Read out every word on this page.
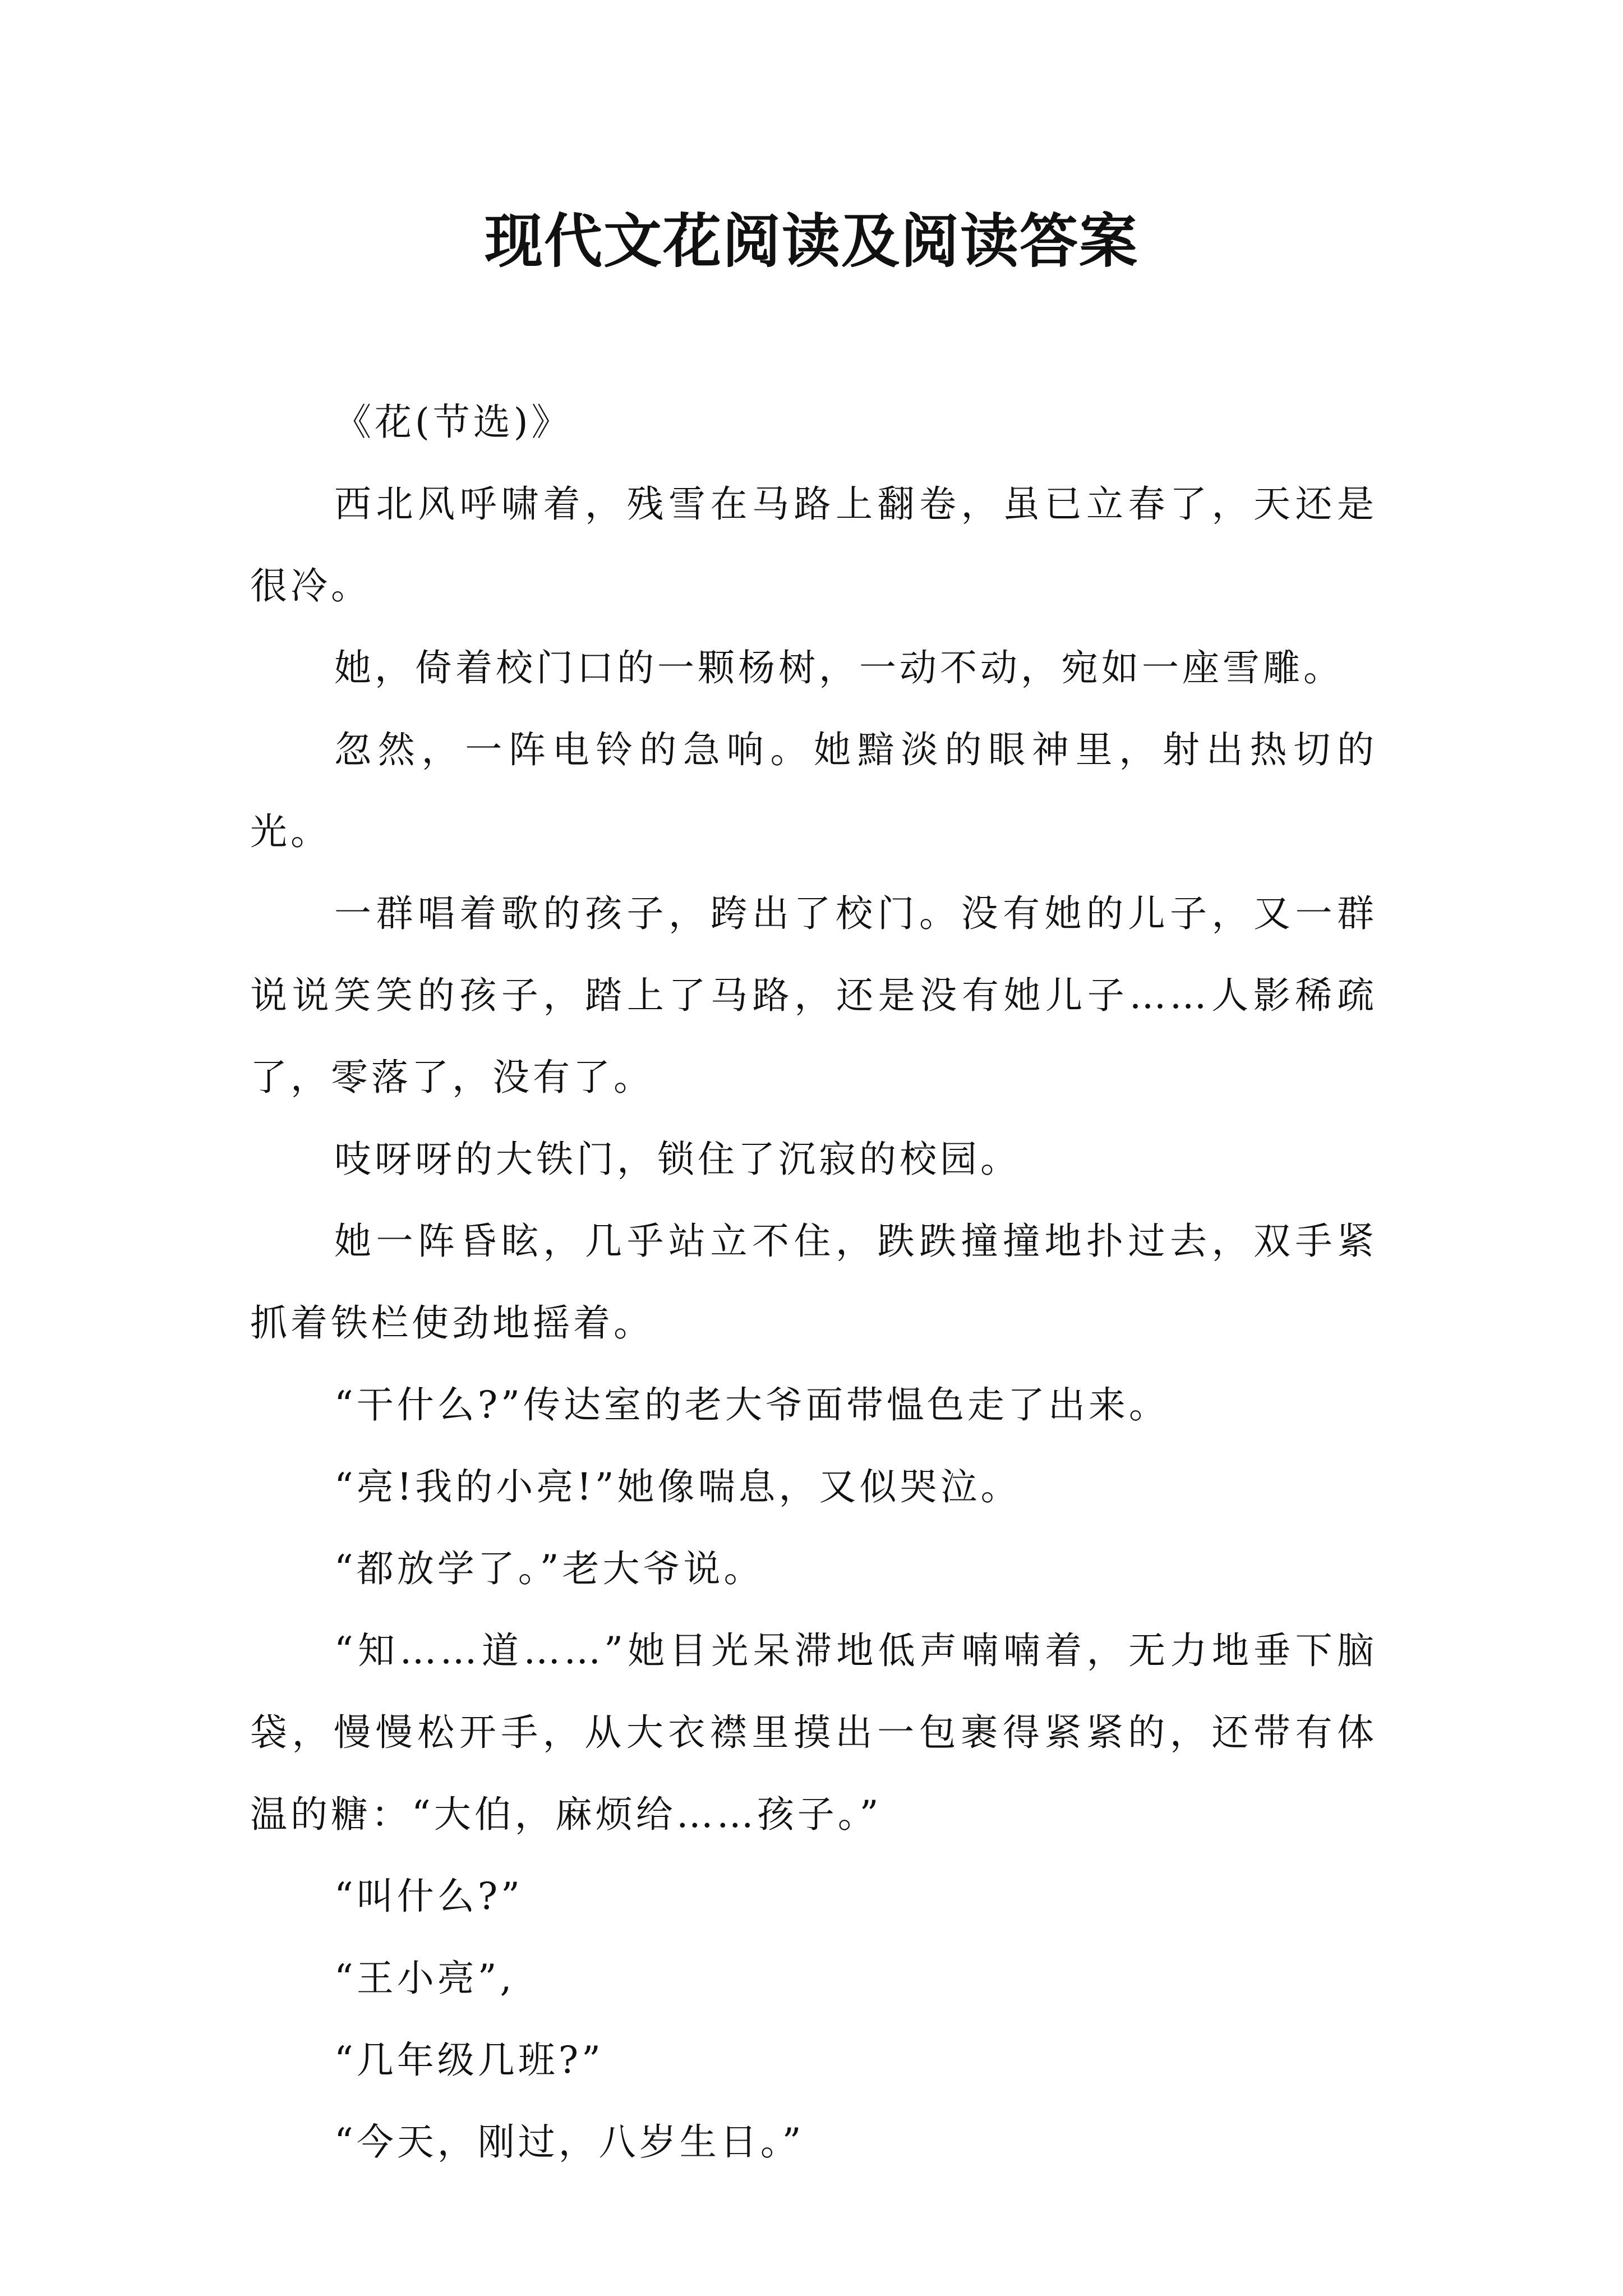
现代文花阅读及阅读答案

《花(节选)》

西北风呼啸着，残雪在马路上翻卷，虽已立春了，天还是很冷。

她，倚着校门口的一颗杨树，一动不动，宛如一座雪雕。

忽然，一阵电铃的急响。她黯淡的眼神里，射出热切的光。

一群唱着歌的孩子，跨出了校门。没有她的儿子，又一群说说笑笑的孩子，踏上了马路，还是没有她儿子……人影稀疏了，零落了，没有了。

吱呀呀的大铁门，锁住了沉寂的校园。

她一阵昏眩，几乎站立不住，跌跌撞撞地扑过去，双手紧抓着铁栏使劲地摇着。

“干什么?”传达室的老大爷面带愠色走了出来。

“亮!我的小亮!”她像喘息，又似哭泣。

“都放学了。”老大爷说。

“知……道……”她目光呆滞地低声喃喃着，无力地垂下脑袋，慢慢松开手，从大衣襟里摸出一包裹得紧紧的，还带有体温的糖：“大伯，麻烦给……孩子。”

“叫什么?”

“王小亮”,

“几年级几班?”

“今天，刚过，八岁生日。”
